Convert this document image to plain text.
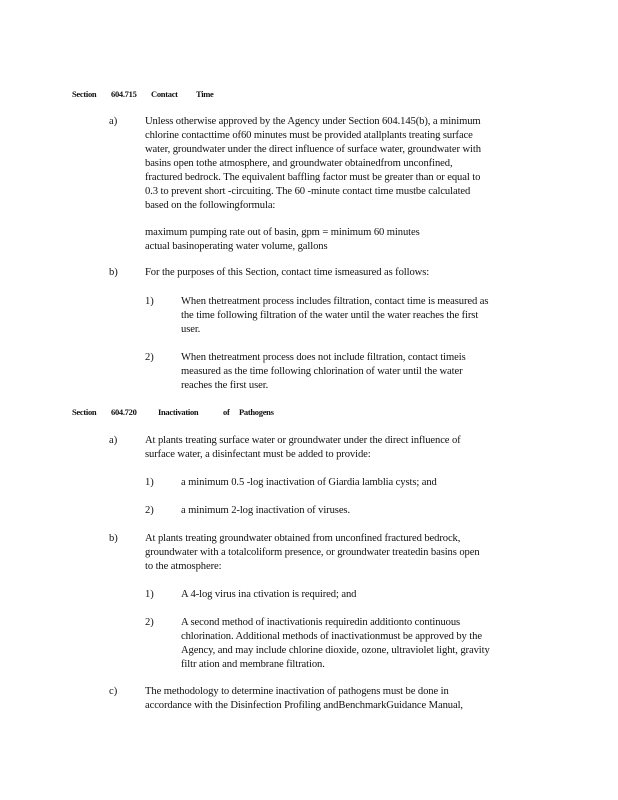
Section 604.715 Contact Time
a)	Unless otherwise approved by the Agency under Section 604.145(b), a minimum
chlorine contacttime of60 minutes must be provided atallplants treating surface
water, groundwater under the direct influence of surface water, groundwater with
basins open tothe atmosphere, and groundwater obtainedfrom unconfined,
fractured bedrock. The equivalent baffling factor must be greater than or equal to
0.3 to prevent short -circuiting. The 60 -minute contact time mustbe calculated
based on the followingformula:
maximum pumping rate out of basin, gpm = minimum 60 minutes
actual basinoperating water volume, gallons
b)	For the purposes of this Section, contact time ismeasured as follows:
1)	When thetreatment process includes filtration, contact time is measured as
the time following filtration of the water until the water reaches the first
user.
2)	When thetreatment process does not include filtration, contact timeis
measured as the time following chlorination of water until the water
reaches the first user.
Section 604.720	Inactivation	of Pathogens
a)	At plants treating surface water or groundwater under the direct influence of
surface water, a disinfectant must be added to provide:
1)	a minimum 0.5 -log inactivation of Giardia lamblia cysts; and
2)	a minimum 2-log inactivation of viruses.
b)	At plants treating groundwater obtained from unconfined fractured bedrock,
groundwater with a totalcoliform presence, or groundwater treatedin basins open
to the atmosphere:
1)	A 4-log virus ina ctivation is required; and
2)	A second method of inactivationis requiredin additionto continuous
chlorination. Additional methods of inactivationmust be approved by the
Agency, and may include chlorine dioxide, ozone, ultraviolet light, gravity
filtr ation and membrane filtration.
c)	The methodology to determine inactivation of pathogens must be done in
accordance with the Disinfection Profiling andBenchmarkGuidance Manual,
